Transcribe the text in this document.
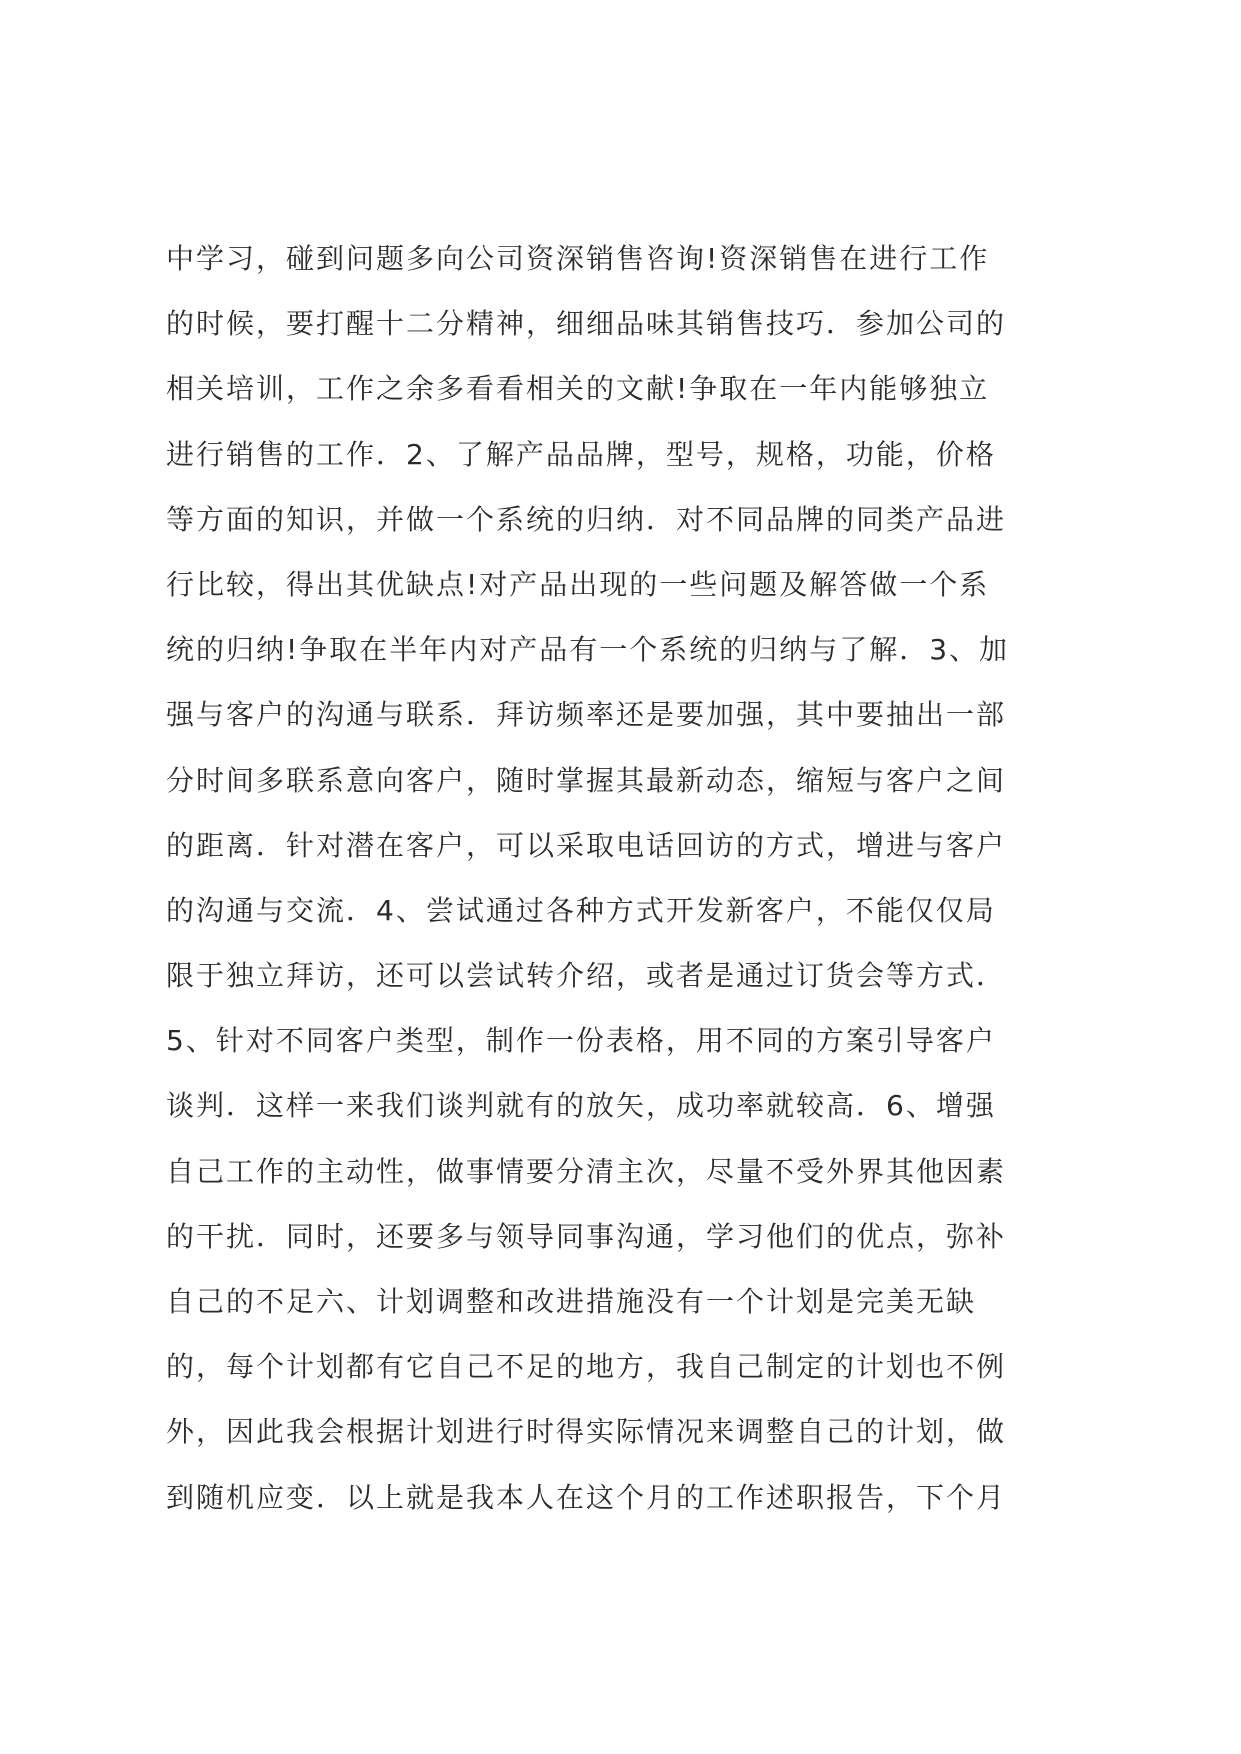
中学习，碰到问题多向公司资深销售咨询!资深销售在进行工作
的时候，要打醒十二分精神，细细品味其销售技巧．参加公司的
相关培训，工作之余多看看相关的文献!争取在一年内能够独立
进行销售的工作．2、了解产品品牌，型号，规格，功能，价格
等方面的知识，并做一个系统的归纳．对不同品牌的同类产品进
行比较，得出其优缺点!对产品出现的一些问题及解答做一个系
统的归纳!争取在半年内对产品有一个系统的归纳与了解．3、加
强与客户的沟通与联系．拜访频率还是要加强，其中要抽出一部
分时间多联系意向客户，随时掌握其最新动态，缩短与客户之间
的距离．针对潜在客户，可以采取电话回访的方式，增进与客户
的沟通与交流．4、尝试通过各种方式开发新客户，不能仅仅局
限于独立拜访，还可以尝试转介绍，或者是通过订货会等方式．
5、针对不同客户类型，制作一份表格，用不同的方案引导客户
谈判．这样一来我们谈判就有的放矢，成功率就较高．6、增强
自己工作的主动性，做事情要分清主次，尽量不受外界其他因素
的干扰．同时，还要多与领导同事沟通，学习他们的优点，弥补
自己的不足六、计划调整和改进措施没有一个计划是完美无缺
的，每个计划都有它自己不足的地方，我自己制定的计划也不例
外，因此我会根据计划进行时得实际情况来调整自己的计划，做
到随机应变．以上就是我本人在这个月的工作述职报告，下个月
